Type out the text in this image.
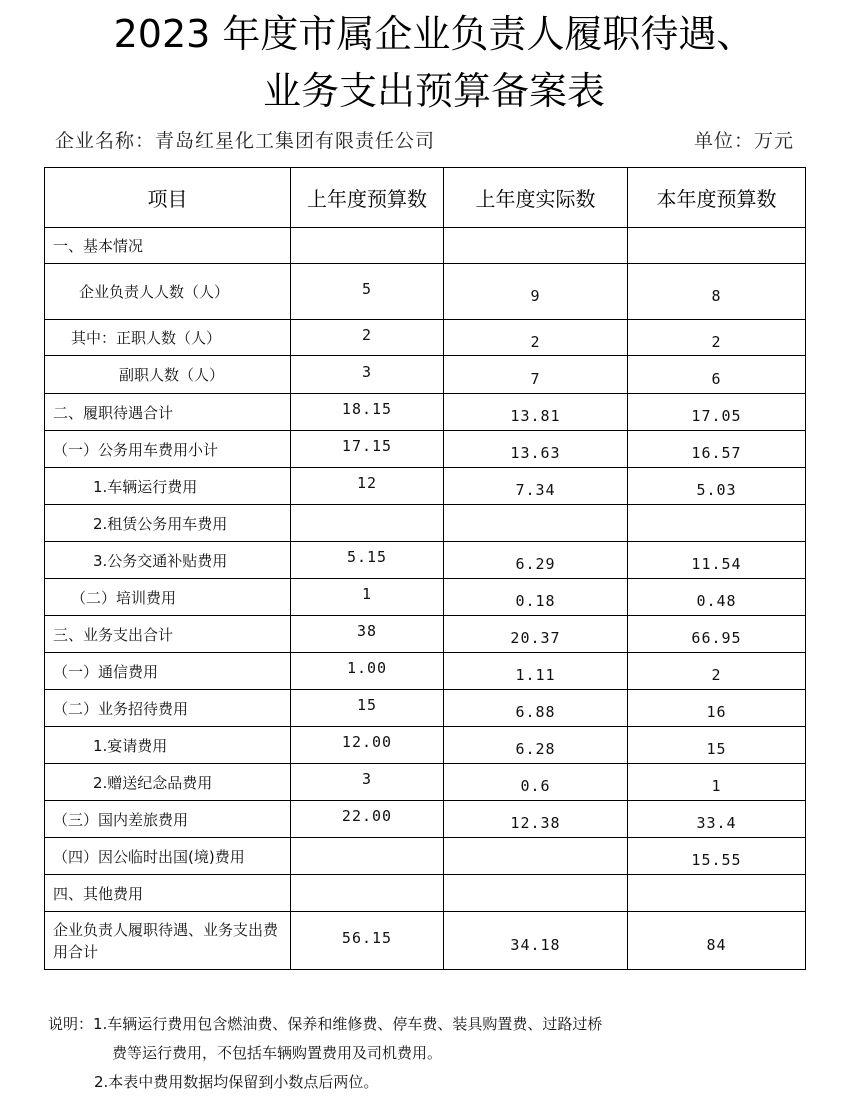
2023 年度市属企业负责人履职待遇、
业务支出预算备案表
企业名称：青岛红星化工集团有限责任公司	单位：万元
项目	上年度预算数	上年度实际数	本年度预算数
一、基本情况			
企业负责人人数（人）	5	9	8
其中：正职人数（人）	2	2	2
副职人数（人）	3	7	6
二、履职待遇合计	18.15	13.81	17.05
（一）公务用车费用小计	17.15	13.63	16.57
1.车辆运行费用	12	7.34	5.03
2.租赁公务用车费用			
3.公务交通补贴费用	5.15	6.29	11.54
（二）培训费用	1	0.18	0.48
三、业务支出合计	38	20.37	66.95
（一）通信费用	1.00	1.11	2
（二）业务招待费用	15	6.88	16
1.宴请费用	12.00	6.28	15
2.赠送纪念品费用	3	0.6	1
（三）国内差旅费用	22.00	12.38	33.4
（四）因公临时出国(境)费用			15.55
四、其他费用			
企业负责人履职待遇、业务支出费用合计	56.15	34.18	84
说明：1.车辆运行费用包含燃油费、保养和维修费、停车费、装具购置费、过路过桥
费等运行费用，不包括车辆购置费用及司机费用。
2.本表中费用数据均保留到小数点后两位。
